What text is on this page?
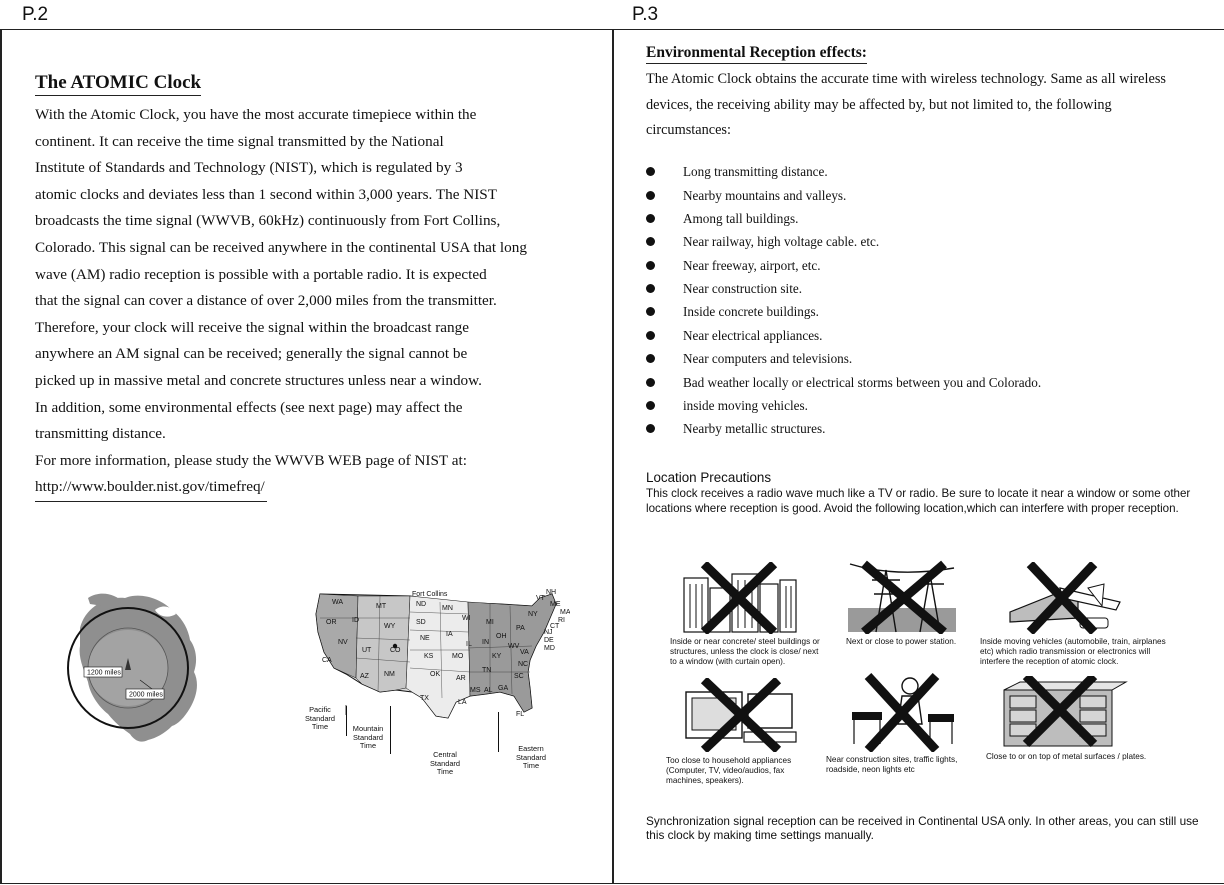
P.2	P.3
The ATOMIC Clock
With the Atomic Clock, you have the most accurate timepiece within the
continent. It can receive the time signal transmitted by the National
Institute of Standards and Technology (NIST), which is regulated by 3
atomic clocks and deviates less than 1 second within 3,000 years. The NIST
broadcasts the time signal (WWVB, 60kHz) continuously from Fort Collins,
Colorado. This signal can be received anywhere in the continental USA that long
wave (AM) radio reception is possible with a portable radio. It is expected
that the signal can cover a distance of over 2,000 miles from the transmitter.
Therefore, your clock will receive the signal within the broadcast range
anywhere an AM signal can be received; generally the signal cannot be
picked up in massive metal and concrete structures unless near a window.
In addition, some environmental effects (see next page) may affect the
transmitting distance.
For more information, please study the WWVB WEB page of NIST at:
http://www.boulder.nist.gov/timefreq/
1200 miles
2000 miles
Fort Collins
WA
OR
CA
NV
ID
MT
WY
UT
AZ NM
CO
ND
SD
NE
KS
OK
TX
MN
IA
MO
AR
LA
WI
IL
MI
IN
OH
KY
TN
MS AL GA
FL
SC
NC
VA
WV
PA
NY
VT
NH
ME
MA
RI
CT
NJ
DE
MD
Pacific
Standard
Time	Mountain
Standard
Time
Central
Standard
Time
Eastern
Standard
Time
Environmental Reception effects:
The Atomic Clock obtains the accurate time with wireless technology. Same as all wireless
devices, the receiving ability may be affected by, but not limited to, the following
circumstances:
Long transmitting distance.
Nearby mountains and valleys.
Among tall buildings.
Near railway, high voltage cable. etc.
Near freeway, airport, etc.
Near construction site.
Inside concrete buildings.
Near electrical appliances.
Near computers and televisions.
Bad weather locally or electrical storms between you and Colorado.
inside moving vehicles.
Nearby metallic structures.
Location Precautions
This clock receives a radio wave much like a TV or radio. Be sure to locate it near a window or some other locations where reception is good. Avoid the following location,which can interfere with proper reception.
Inside or near concrete/ steel buildings or structures, unless the clock is close/ next to a window (with curtain open).
Next or close to power station.	Inside moving vehicles (automobile, train, airplanes etc) which radio transmission or electronics will interfere the reception of atomic clock.
Too close to household appliances (Computer, TV, video/audios, fax machines, speakers).
Near construction sites, traffic lights, roadside, neon lights etc
Close to or on top of metal surfaces / plates.
Synchronization signal reception can be received in Continental USA only. In other areas, you can still use this clock by making time settings manually.
